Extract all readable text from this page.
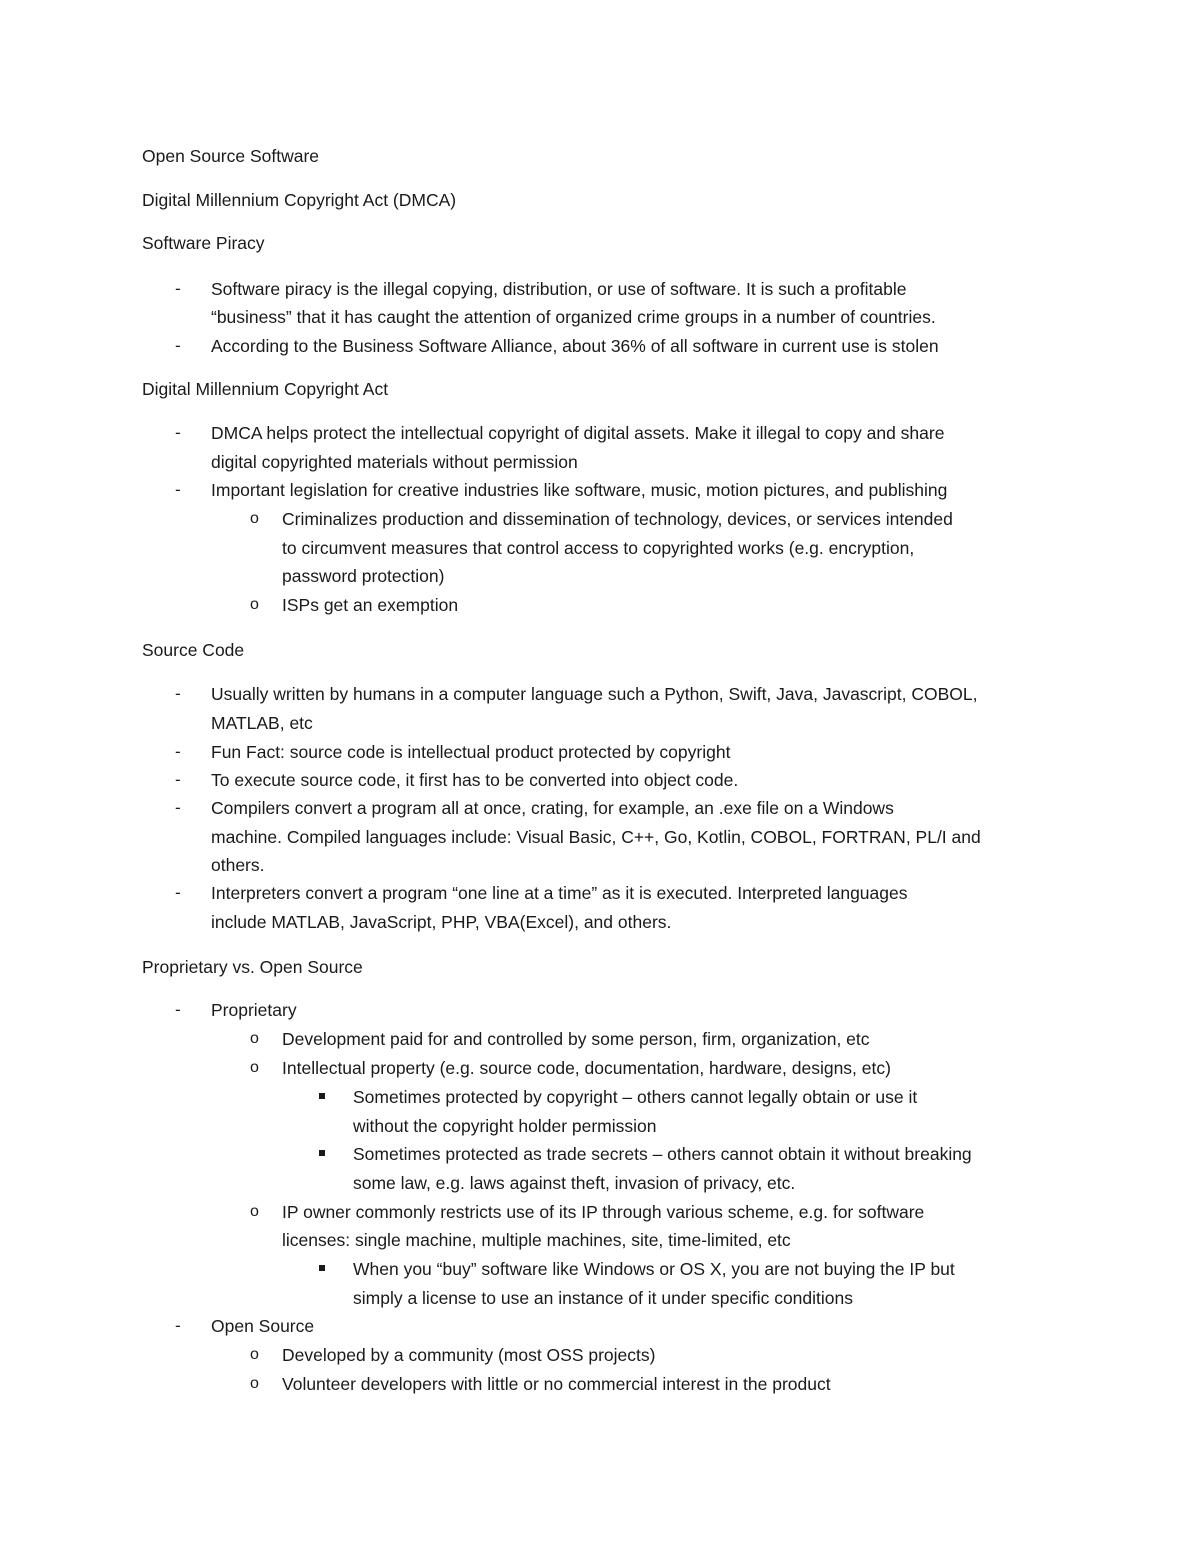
Open Source Software
Digital Millennium Copyright Act (DMCA)
Software Piracy
- Software piracy is the illegal copying, distribution, or use of software. It is such a profitable
“business” that it has caught the attention of organized crime groups in a number of countries.
- According to the Business Software Alliance, about 36% of all software in current use is stolen
Digital Millennium Copyright Act
- DMCA helps protect the intellectual copyright of digital assets. Make it illegal to copy and share
digital copyrighted materials without permission
- Important legislation for creative industries like software, music, motion pictures, and publishing
o Criminalizes production and dissemination of technology, devices, or services intended
to circumvent measures that control access to copyrighted works (e.g. encryption,
password protection)
o ISPs get an exemption
Source Code
- Usually written by humans in a computer language such a Python, Swift, Java, Javascript, COBOL,
MATLAB, etc
- Fun Fact: source code is intellectual product protected by copyright
- To execute source code, it first has to be converted into object code.
- Compilers convert a program all at once, crating, for example, an .exe file on a Windows
machine. Compiled languages include: Visual Basic, C++, Go, Kotlin, COBOL, FORTRAN, PL/I and
others.
- Interpreters convert a program “one line at a time” as it is executed. Interpreted languages
include MATLAB, JavaScript, PHP, VBA(Excel), and others.
Proprietary vs. Open Source
- Proprietary
o Development paid for and controlled by some person, firm, organization, etc
o Intellectual property (e.g. source code, documentation, hardware, designs, etc)
Sometimes protected by copyright – others cannot legally obtain or use it
without the copyright holder permission
Sometimes protected as trade secrets – others cannot obtain it without breaking
some law, e.g. laws against theft, invasion of privacy, etc.
o IP owner commonly restricts use of its IP through various scheme, e.g. for software
licenses: single machine, multiple machines, site, time-limited, etc
When you “buy” software like Windows or OS X, you are not buying the IP but
simply a license to use an instance of it under specific conditions
- Open Source
o Developed by a community (most OSS projects)
o Volunteer developers with little or no commercial interest in the product
